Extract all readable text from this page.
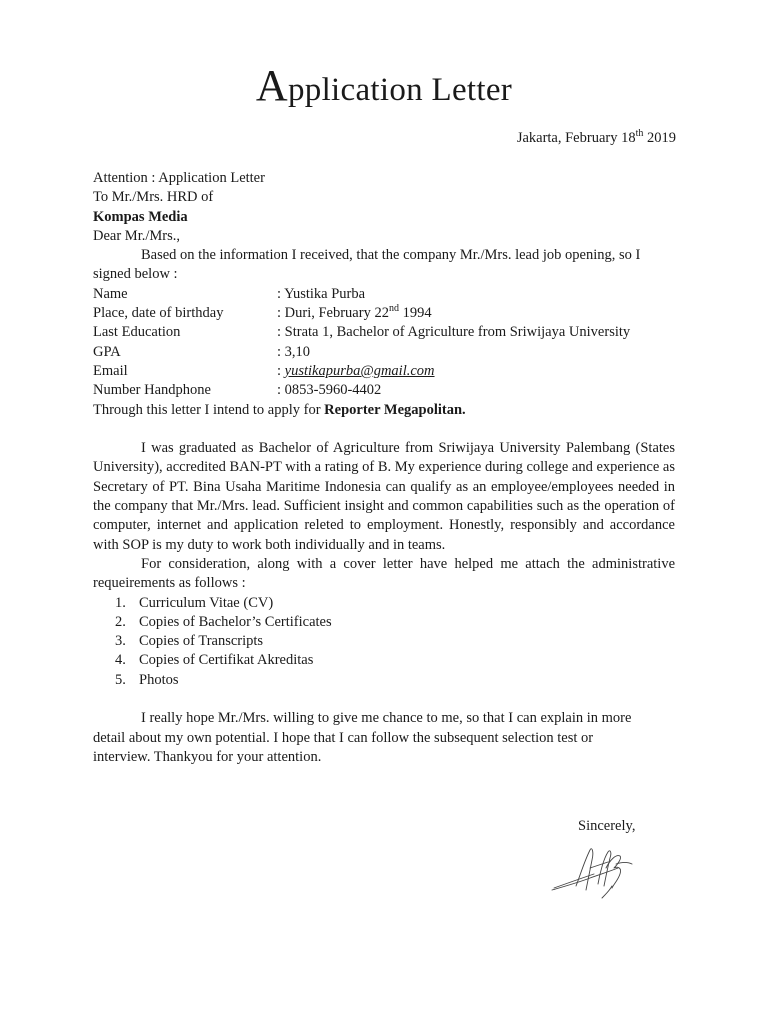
Application Letter
Jakarta, February 18th 2019
Attention : Application Letter
To Mr./Mrs. HRD of
Kompas Media
Dear Mr./Mrs.,
Based on the information I received, that the company Mr./Mrs. lead job opening, so I
signed below :
Name	: Yustika Purba
Place, date of birthday	: Duri, February 22nd 1994
Last Education	: Strata 1, Bachelor of Agriculture from Sriwijaya University
GPA	: 3,10
Email	: yustikapurba@gmail.com
Number Handphone	: 0853-5960-4402
Through this letter I intend to apply for Reporter Megapolitan.
I was graduated as Bachelor of Agriculture from Sriwijaya University Palembang (States University), accredited BAN-PT with a rating of B. My experience during college and experience as Secretary of PT. Bina Usaha Maritime Indonesia can qualify as an employee/employees needed in the company that Mr./Mrs. lead. Sufficient insight and common capabilities such as the operation of computer, internet and application releted to employment. Honestly, responsibly and accordance with SOP is my duty to work both individually and in teams.
For consideration, along with a cover letter have helped me attach the administrative requeirements as follows :
1. Curriculum Vitae (CV)
2. Copies of Bachelor’s Certificates
3. Copies of Transcripts
4. Copies of Certifikat Akreditas
5. Photos
I really hope Mr./Mrs. willing to give me chance to me, so that I can explain in more detail about my own potential. I hope that I can follow the subsequent selection test or interview. Thankyou for your attention.
Sincerely,
